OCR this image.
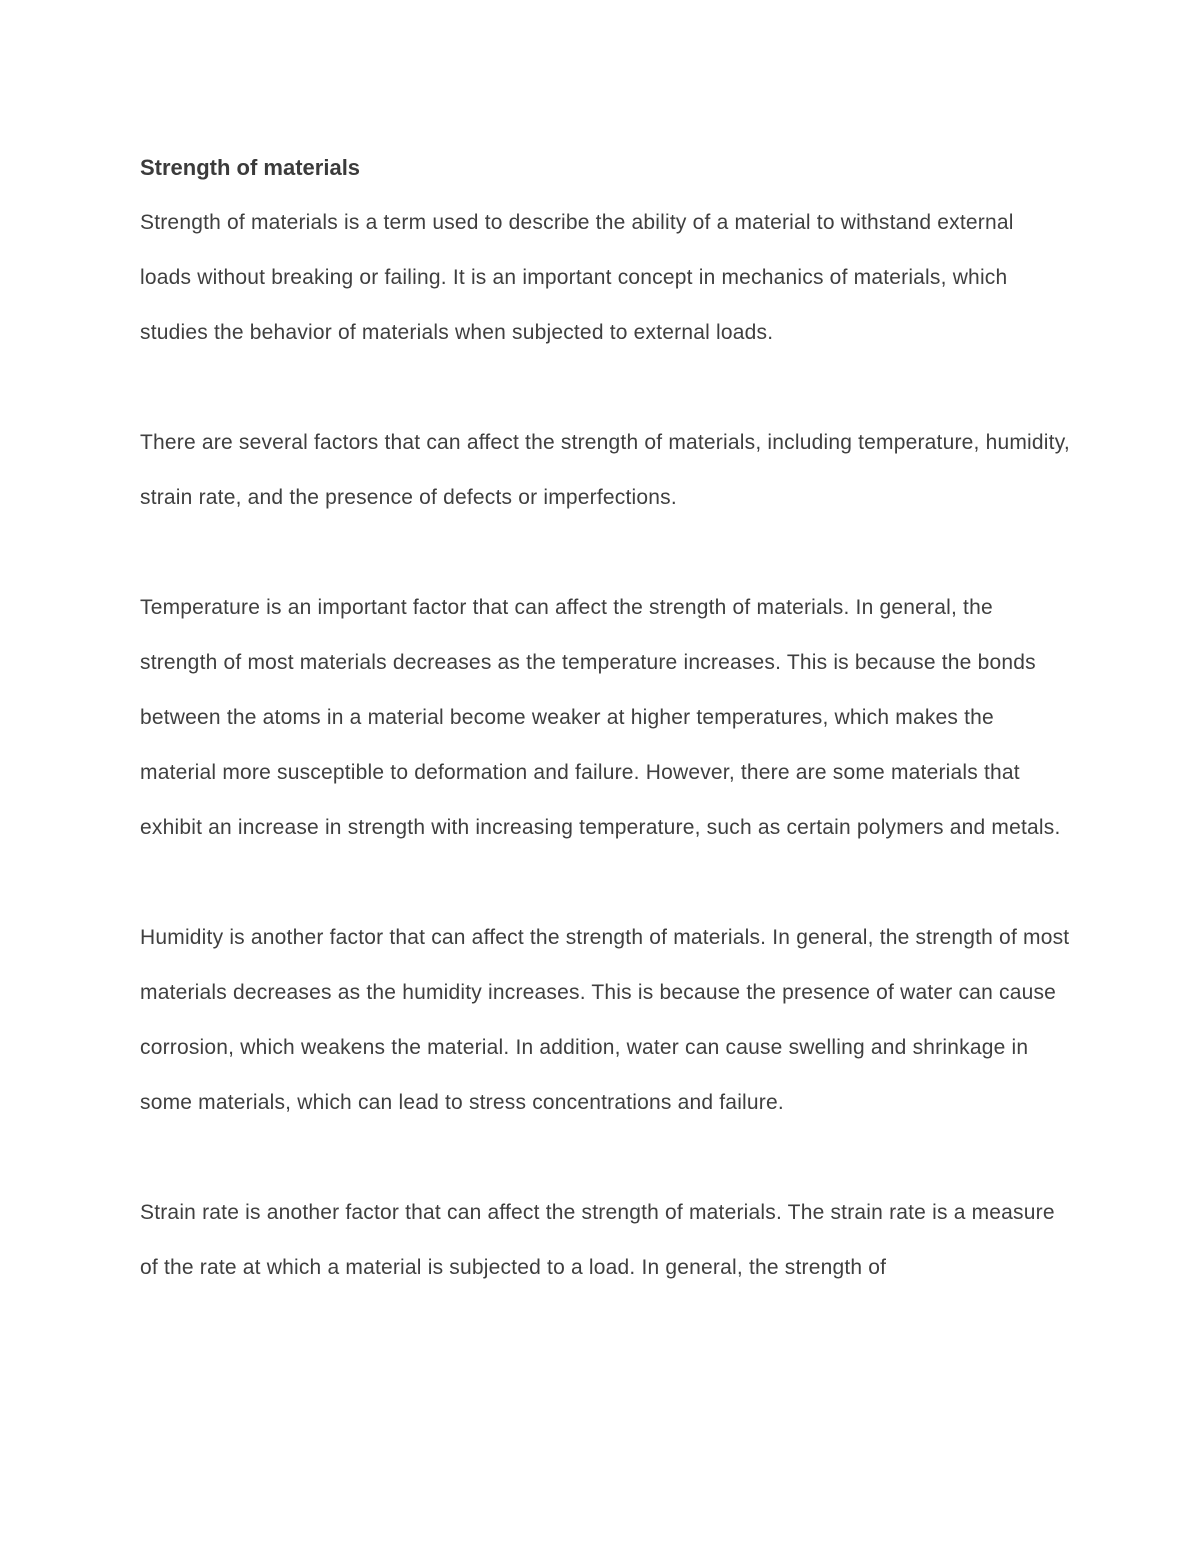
Strength of materials

Strength of materials is a term used to describe the ability of a material to withstand external loads without breaking or failing. It is an important concept in mechanics of materials, which studies the behavior of materials when subjected to external loads.

There are several factors that can affect the strength of materials, including temperature, humidity, strain rate, and the presence of defects or imperfections.

Temperature is an important factor that can affect the strength of materials. In general, the strength of most materials decreases as the temperature increases. This is because the bonds between the atoms in a material become weaker at higher temperatures, which makes the material more susceptible to deformation and failure. However, there are some materials that exhibit an increase in strength with increasing temperature, such as certain polymers and metals.

Humidity is another factor that can affect the strength of materials. In general, the strength of most materials decreases as the humidity increases. This is because the presence of water can cause corrosion, which weakens the material. In addition, water can cause swelling and shrinkage in some materials, which can lead to stress concentrations and failure.

Strain rate is another factor that can affect the strength of materials. The strain rate is a measure of the rate at which a material is subjected to a load. In general, the strength of
